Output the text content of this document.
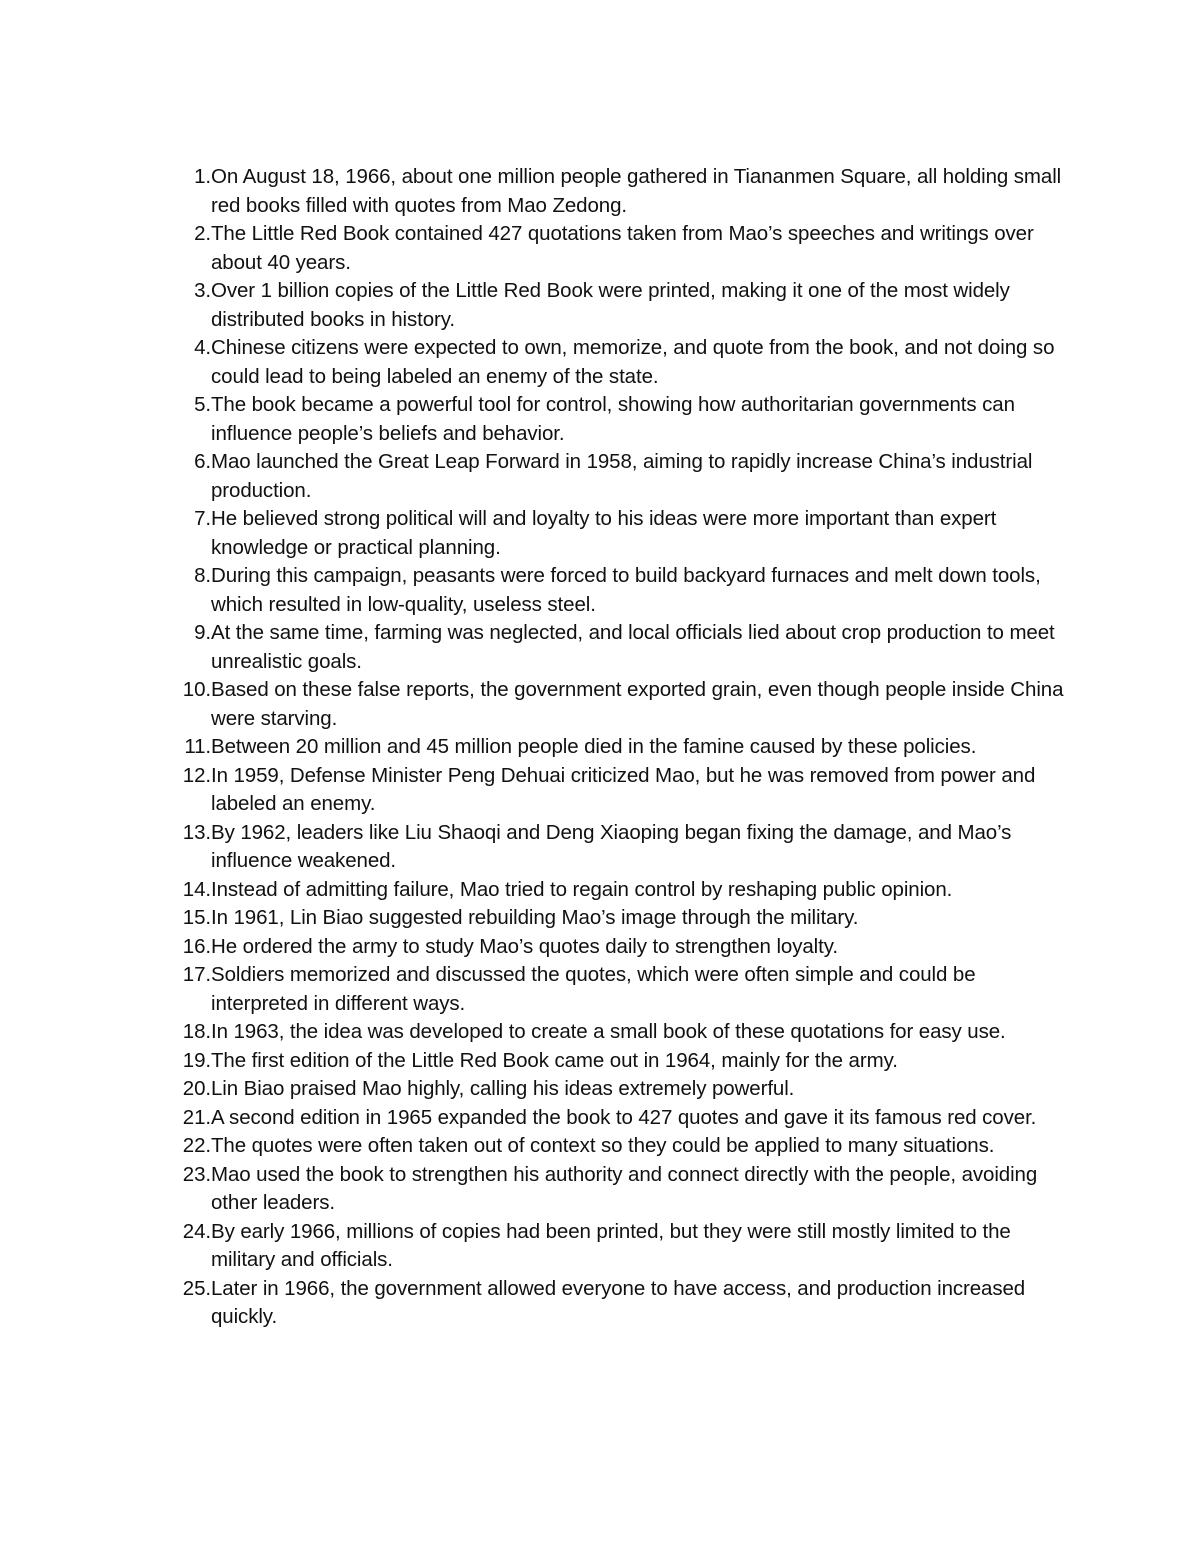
1. On August 18, 1966, about one million people gathered in Tiananmen Square, all holding small red books filled with quotes from Mao Zedong.
2. The Little Red Book contained 427 quotations taken from Mao’s speeches and writings over about 40 years.
3. Over 1 billion copies of the Little Red Book were printed, making it one of the most widely distributed books in history.
4. Chinese citizens were expected to own, memorize, and quote from the book, and not doing so could lead to being labeled an enemy of the state.
5. The book became a powerful tool for control, showing how authoritarian governments can influence people’s beliefs and behavior.
6. Mao launched the Great Leap Forward in 1958, aiming to rapidly increase China’s industrial production.
7. He believed strong political will and loyalty to his ideas were more important than expert knowledge or practical planning.
8. During this campaign, peasants were forced to build backyard furnaces and melt down tools, which resulted in low-quality, useless steel.
9. At the same time, farming was neglected, and local officials lied about crop production to meet unrealistic goals.
10. Based on these false reports, the government exported grain, even though people inside China were starving.
11. Between 20 million and 45 million people died in the famine caused by these policies.
12. In 1959, Defense Minister Peng Dehuai criticized Mao, but he was removed from power and labeled an enemy.
13. By 1962, leaders like Liu Shaoqi and Deng Xiaoping began fixing the damage, and Mao’s influence weakened.
14. Instead of admitting failure, Mao tried to regain control by reshaping public opinion.
15. In 1961, Lin Biao suggested rebuilding Mao’s image through the military.
16. He ordered the army to study Mao’s quotes daily to strengthen loyalty.
17. Soldiers memorized and discussed the quotes, which were often simple and could be interpreted in different ways.
18. In 1963, the idea was developed to create a small book of these quotations for easy use.
19. The first edition of the Little Red Book came out in 1964, mainly for the army.
20. Lin Biao praised Mao highly, calling his ideas extremely powerful.
21. A second edition in 1965 expanded the book to 427 quotes and gave it its famous red cover.
22. The quotes were often taken out of context so they could be applied to many situations.
23. Mao used the book to strengthen his authority and connect directly with the people, avoiding other leaders.
24. By early 1966, millions of copies had been printed, but they were still mostly limited to the military and officials.
25. Later in 1966, the government allowed everyone to have access, and production increased quickly.
